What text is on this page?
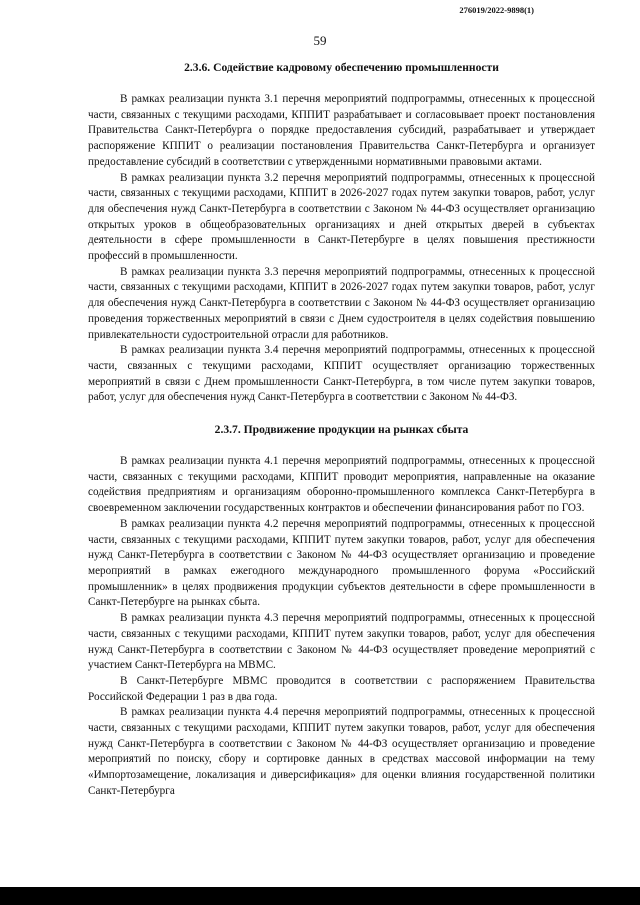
276019/2022-9898(1)
59
2.3.6. Содействие кадровому обеспечению промышленности

В рамках реализации пункта 3.1 перечня мероприятий подпрограммы, отнесенных к процессной части, связанных с текущими расходами, КППИТ разрабатывает и согласовывает проект постановления Правительства Санкт-Петербурга о порядке предоставления субсидий, разрабатывает и утверждает распоряжение КППИТ о реализации постановления Правительства Санкт-Петербурга и организует предоставление субсидий в соответствии с утвержденными нормативными правовыми актами.

В рамках реализации пункта 3.2 перечня мероприятий подпрограммы, отнесенных к процессной части, связанных с текущими расходами, КППИТ в 2026-2027 годах путем закупки товаров, работ, услуг для обеспечения нужд Санкт-Петербурга в соответствии с Законом № 44-ФЗ осуществляет организацию открытых уроков в общеобразовательных организациях и дней открытых дверей в субъектах деятельности в сфере промышленности в Санкт-Петербурге в целях повышения престижности профессий в промышленности.

В рамках реализации пункта 3.3 перечня мероприятий подпрограммы, отнесенных к процессной части, связанных с текущими расходами, КППИТ в 2026-2027 годах путем закупки товаров, работ, услуг для обеспечения нужд Санкт-Петербурга в соответствии с Законом № 44-ФЗ осуществляет организацию проведения торжественных мероприятий в связи с Днем судостроителя в целях содействия повышению привлекательности судостроительной отрасли для работников.

В рамках реализации пункта 3.4 перечня мероприятий подпрограммы, отнесенных к процессной части, связанных с текущими расходами, КППИТ осуществляет организацию торжественных мероприятий в связи с Днем промышленности Санкт-Петербурга, в том числе путем закупки товаров, работ, услуг для обеспечения нужд Санкт-Петербурга в соответствии с Законом № 44-ФЗ.

2.3.7. Продвижение продукции на рынках сбыта

В рамках реализации пункта 4.1 перечня мероприятий подпрограммы, отнесенных к процессной части, связанных с текущими расходами, КППИТ проводит мероприятия, направленные на оказание содействия предприятиям и организациям оборонно-промышленного комплекса Санкт-Петербурга в своевременном заключении государственных контрактов и обеспечении финансирования работ по ГОЗ.

В рамках реализации пункта 4.2 перечня мероприятий подпрограммы, отнесенных к процессной части, связанных с текущими расходами, КППИТ путем закупки товаров, работ, услуг для обеспечения нужд Санкт-Петербурга в соответствии с Законом № 44-ФЗ осуществляет организацию и проведение мероприятий в рамках ежегодного международного промышленного форума «Российский промышленник» в целях продвижения продукции субъектов деятельности в сфере промышленности в Санкт-Петербурге на рынках сбыта.

В рамках реализации пункта 4.3 перечня мероприятий подпрограммы, отнесенных к процессной части, связанных с текущими расходами, КППИТ путем закупки товаров, работ, услуг для обеспечения нужд Санкт-Петербурга в соответствии с Законом № 44-ФЗ осуществляет проведение мероприятий с участием Санкт-Петербурга на МВМС.

В Санкт-Петербурге МВМС проводится в соответствии с распоряжением Правительства Российской Федерации 1 раз в два года.

В рамках реализации пункта 4.4 перечня мероприятий подпрограммы, отнесенных к процессной части, связанных с текущими расходами, КППИТ путем закупки товаров, работ, услуг для обеспечения нужд Санкт-Петербурга в соответствии с Законом № 44-ФЗ осуществляет организацию и проведение мероприятий по поиску, сбору и сортировке данных в средствах массовой информации на тему «Импортозамещение, локализация и диверсификация» для оценки влияния государственной политики Санкт-Петербурга
